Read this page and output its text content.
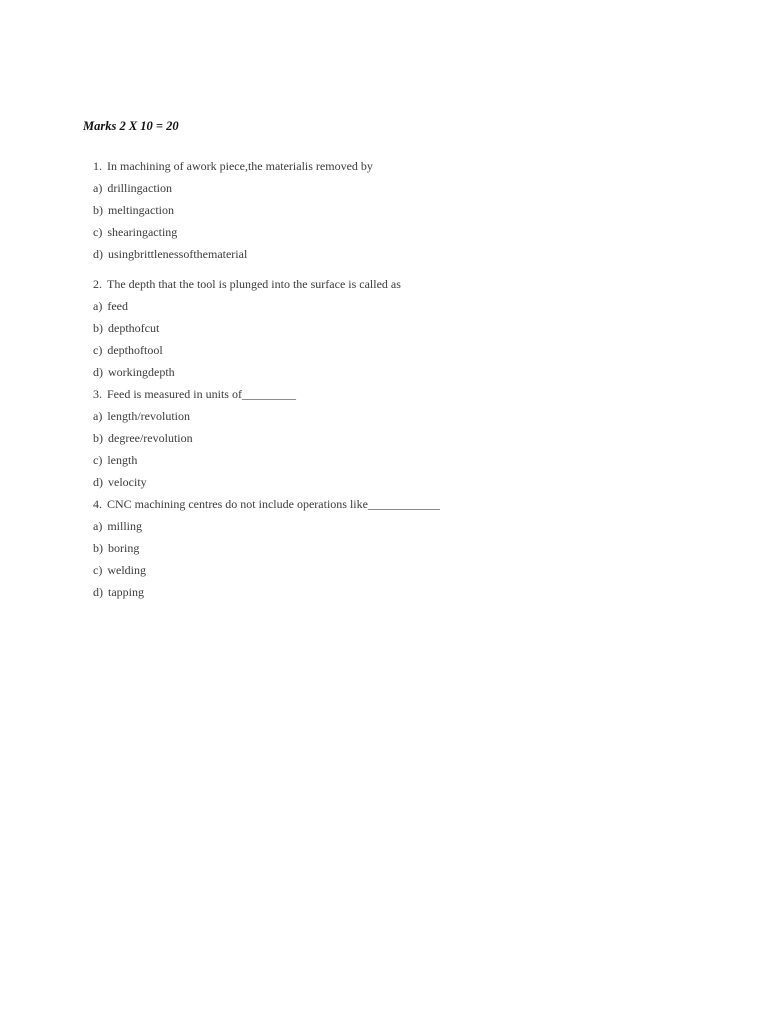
Marks 2 X 10 = 20
1. In machining of awork piece,the materialis removed by
a) drillingaction
b) meltingaction
c) shearingacting
d) usingbrittlenessofthematerial
2. The depth that the tool is plunged into the surface is called as
a) feed
b) depthofcut
c) depthoftool
d) workingdepth
3. Feed is measured in units of_________
a) length/revolution
b) degree/revolution
c) length
d) velocity
4. CNC machining centres do not include operations like____________
a) milling
b) boring
c) welding
d) tapping
